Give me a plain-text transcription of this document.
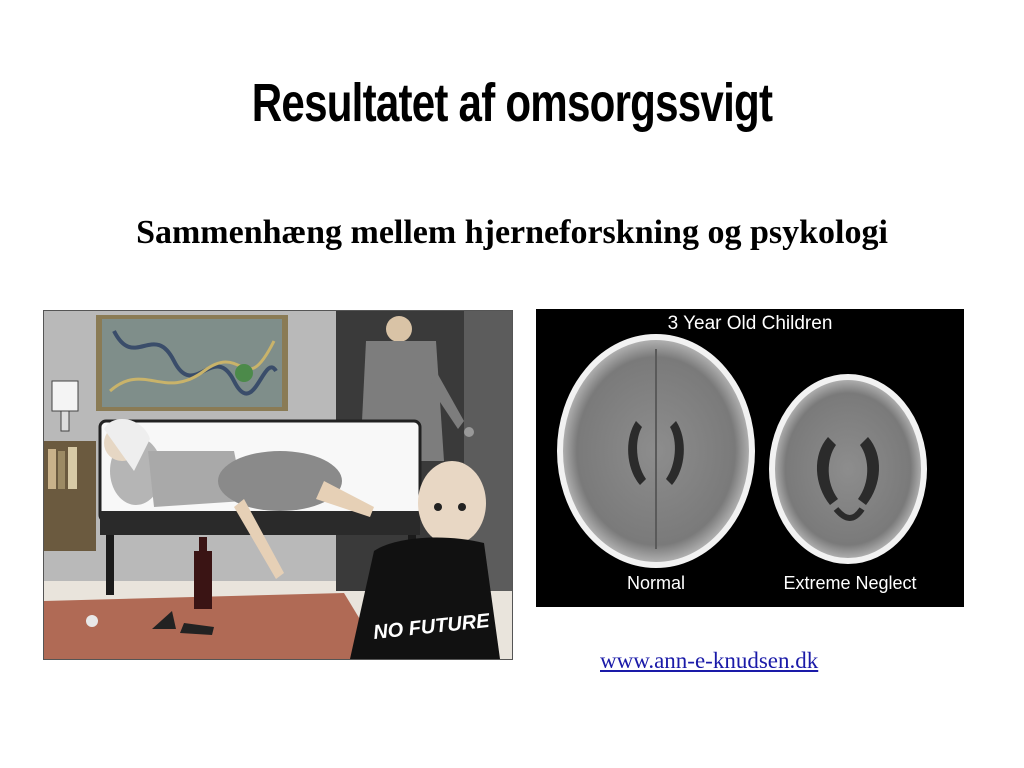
Resultatet af omsorgssvigt
Sammenhæng mellem hjerneforskning og psykologi
NO FUTURE
3 Year Old Children
Normal	Extreme Neglect
www.ann-e-knudsen.dk
